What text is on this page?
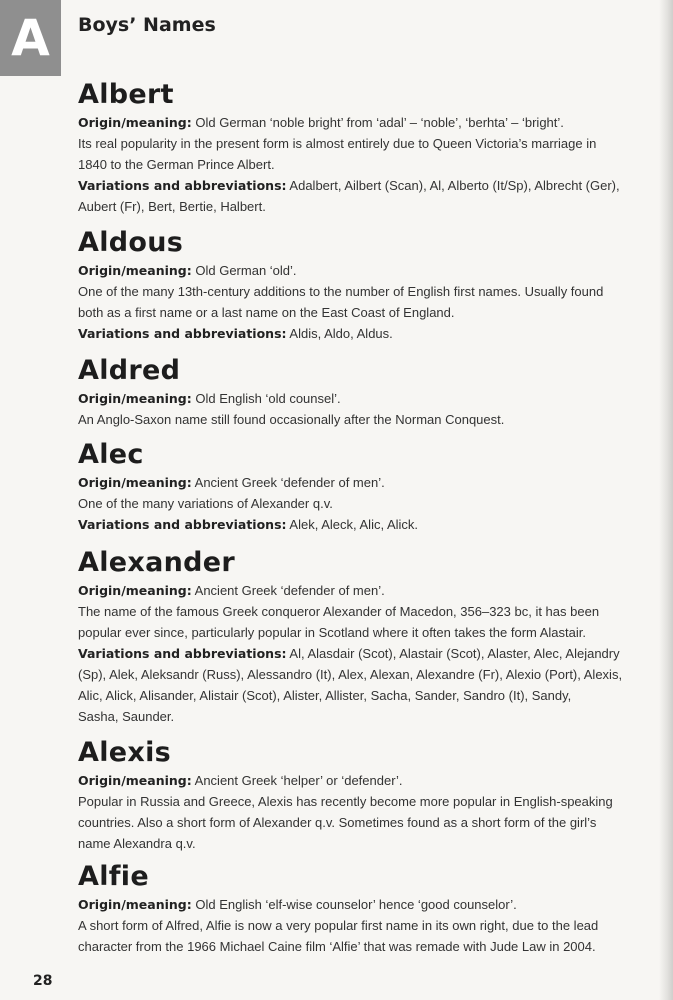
A	Boys’ Names
Albert

Origin/meaning: Old German ‘noble bright’ from ‘adal’ – ‘noble’, ‘berhta’ – ‘bright’.

Its real popularity in the present form is almost entirely due to Queen Victoria’s marriage in

1840 to the German Prince Albert.

Variations and abbreviations: Adalbert, Ailbert (Scan), Al, Alberto (It/Sp), Albrecht (Ger),

Aubert (Fr), Bert, Bertie, Halbert.

Aldous

Origin/meaning: Old German ‘old’.

One of the many 13th-century additions to the number of English first names. Usually found

both as a first name or a last name on the East Coast of England.

Variations and abbreviations: Aldis, Aldo, Aldus.

Aldred

Origin/meaning: Old English ‘old counsel’.

An Anglo-Saxon name still found occasionally after the Norman Conquest.

Alec

Origin/meaning: Ancient Greek ‘defender of men’.

One of the many variations of Alexander q.v.

Variations and abbreviations: Alek, Aleck, Alic, Alick.

Alexander

Origin/meaning: Ancient Greek ‘defender of men’.

The name of the famous Greek conqueror Alexander of Macedon, 356–323 bc, it has been

popular ever since, particularly popular in Scotland where it often takes the form Alastair.

Variations and abbreviations: Al, Alasdair (Scot), Alastair (Scot), Alaster, Alec, Alejandry

(Sp), Alek, Aleksandr (Russ), Alessandro (It), Alex, Alexan, Alexandre (Fr), Alexio (Port), Alexis,

Alic, Alick, Alisander, Alistair (Scot), Alister, Allister, Sacha, Sander, Sandro (It), Sandy,

Sasha, Saunder.

Alexis

Origin/meaning: Ancient Greek ‘helper’ or ‘defender’.

Popular in Russia and Greece, Alexis has recently become more popular in English-speaking

countries. Also a short form of Alexander q.v. Sometimes found as a short form of the girl’s

name Alexandra q.v.

Alfie

Origin/meaning: Old English ‘elf-wise counselor’ hence ‘good counselor’.

A short form of Alfred, Alfie is now a very popular first name in its own right, due to the lead

character from the 1966 Michael Caine film ‘Alfie’ that was remade with Jude Law in 2004.

28
